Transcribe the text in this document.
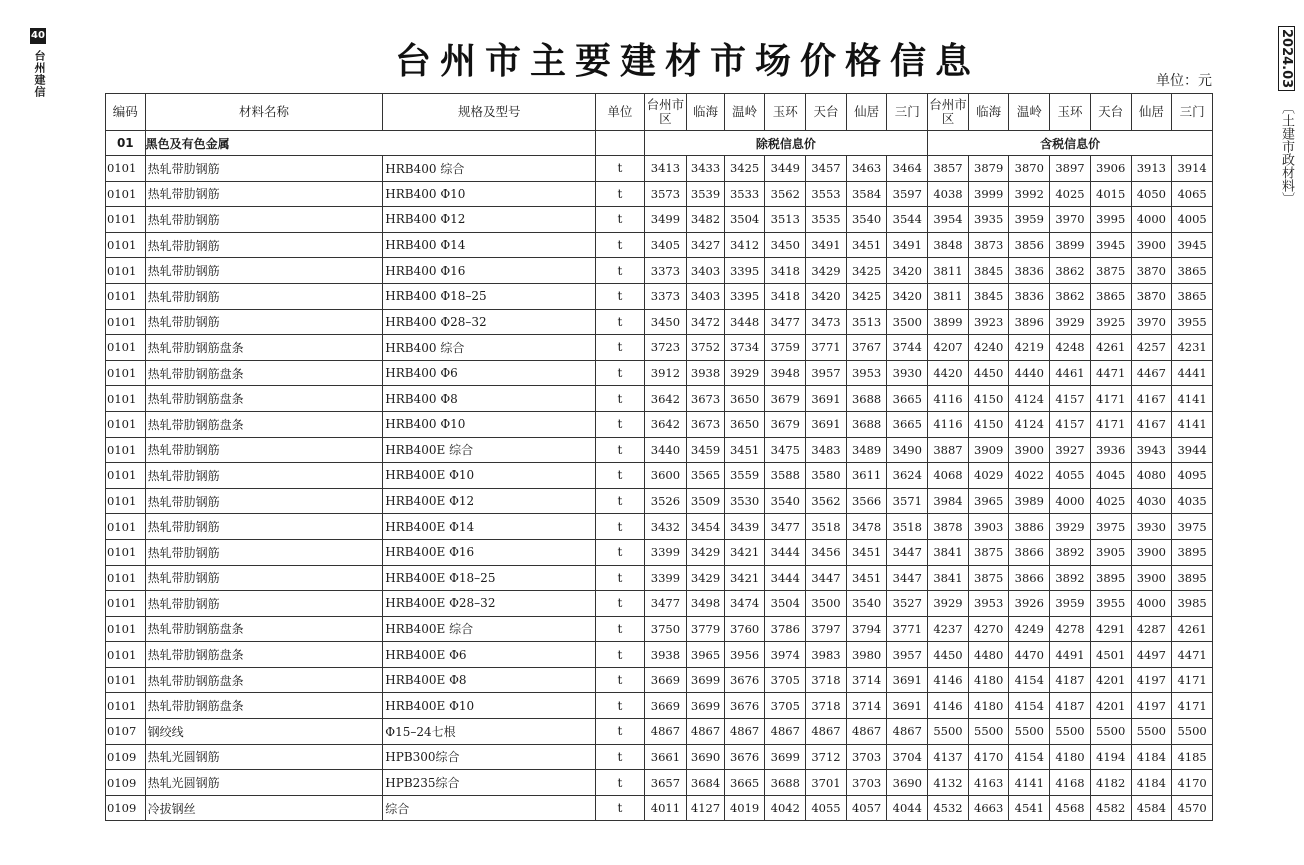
40
台州建信	2024.03 〔土建市政材料〕
台州市主要建材市场价格信息	单位：元
编码	材料名称	规格及型号	单位	台州市区	临海	温岭	玉环	天台	仙居	三门	台州市区	临海	温岭	玉环	天台	仙居	三门
01	黑色及有色金属			除税信息价							含税信息价						
0101	热轧带肋钢筋	HRB400 综合	t	3413	3433	3425	3449	3457	3463	3464	3857	3879	3870	3897	3906	3913	3914
0101	热轧带肋钢筋	HRB400 Φ10	t	3573	3539	3533	3562	3553	3584	3597	4038	3999	3992	4025	4015	4050	4065
0101	热轧带肋钢筋	HRB400 Φ12	t	3499	3482	3504	3513	3535	3540	3544	3954	3935	3959	3970	3995	4000	4005
0101	热轧带肋钢筋	HRB400 Φ14	t	3405	3427	3412	3450	3491	3451	3491	3848	3873	3856	3899	3945	3900	3945
0101	热轧带肋钢筋	HRB400 Φ16	t	3373	3403	3395	3418	3429	3425	3420	3811	3845	3836	3862	3875	3870	3865
0101	热轧带肋钢筋	HRB400 Φ18–25	t	3373	3403	3395	3418	3420	3425	3420	3811	3845	3836	3862	3865	3870	3865
0101	热轧带肋钢筋	HRB400 Φ28–32	t	3450	3472	3448	3477	3473	3513	3500	3899	3923	3896	3929	3925	3970	3955
0101	热轧带肋钢筋盘条	HRB400 综合	t	3723	3752	3734	3759	3771	3767	3744	4207	4240	4219	4248	4261	4257	4231
0101	热轧带肋钢筋盘条	HRB400 Φ6	t	3912	3938	3929	3948	3957	3953	3930	4420	4450	4440	4461	4471	4467	4441
0101	热轧带肋钢筋盘条	HRB400 Φ8	t	3642	3673	3650	3679	3691	3688	3665	4116	4150	4124	4157	4171	4167	4141
0101	热轧带肋钢筋盘条	HRB400 Φ10	t	3642	3673	3650	3679	3691	3688	3665	4116	4150	4124	4157	4171	4167	4141
0101	热轧带肋钢筋	HRB400E 综合	t	3440	3459	3451	3475	3483	3489	3490	3887	3909	3900	3927	3936	3943	3944
0101	热轧带肋钢筋	HRB400E Φ10	t	3600	3565	3559	3588	3580	3611	3624	4068	4029	4022	4055	4045	4080	4095
0101	热轧带肋钢筋	HRB400E Φ12	t	3526	3509	3530	3540	3562	3566	3571	3984	3965	3989	4000	4025	4030	4035
0101	热轧带肋钢筋	HRB400E Φ14	t	3432	3454	3439	3477	3518	3478	3518	3878	3903	3886	3929	3975	3930	3975
0101	热轧带肋钢筋	HRB400E Φ16	t	3399	3429	3421	3444	3456	3451	3447	3841	3875	3866	3892	3905	3900	3895
0101	热轧带肋钢筋	HRB400E Φ18–25	t	3399	3429	3421	3444	3447	3451	3447	3841	3875	3866	3892	3895	3900	3895
0101	热轧带肋钢筋	HRB400E Φ28–32	t	3477	3498	3474	3504	3500	3540	3527	3929	3953	3926	3959	3955	4000	3985
0101	热轧带肋钢筋盘条	HRB400E 综合	t	3750	3779	3760	3786	3797	3794	3771	4237	4270	4249	4278	4291	4287	4261
0101	热轧带肋钢筋盘条	HRB400E Φ6	t	3938	3965	3956	3974	3983	3980	3957	4450	4480	4470	4491	4501	4497	4471
0101	热轧带肋钢筋盘条	HRB400E Φ8	t	3669	3699	3676	3705	3718	3714	3691	4146	4180	4154	4187	4201	4197	4171
0101	热轧带肋钢筋盘条	HRB400E Φ10	t	3669	3699	3676	3705	3718	3714	3691	4146	4180	4154	4187	4201	4197	4171
0107	钢绞线	Φ15–24七根	t	4867	4867	4867	4867	4867	4867	4867	5500	5500	5500	5500	5500	5500	5500
0109	热轧光圆钢筋	HPB300综合	t	3661	3690	3676	3699	3712	3703	3704	4137	4170	4154	4180	4194	4184	4185
0109	热轧光圆钢筋	HPB235综合	t	3657	3684	3665	3688	3701	3703	3690	4132	4163	4141	4168	4182	4184	4170
0109	冷拔钢丝	综合	t	4011	4127	4019	4042	4055	4057	4044	4532	4663	4541	4568	4582	4584	4570
